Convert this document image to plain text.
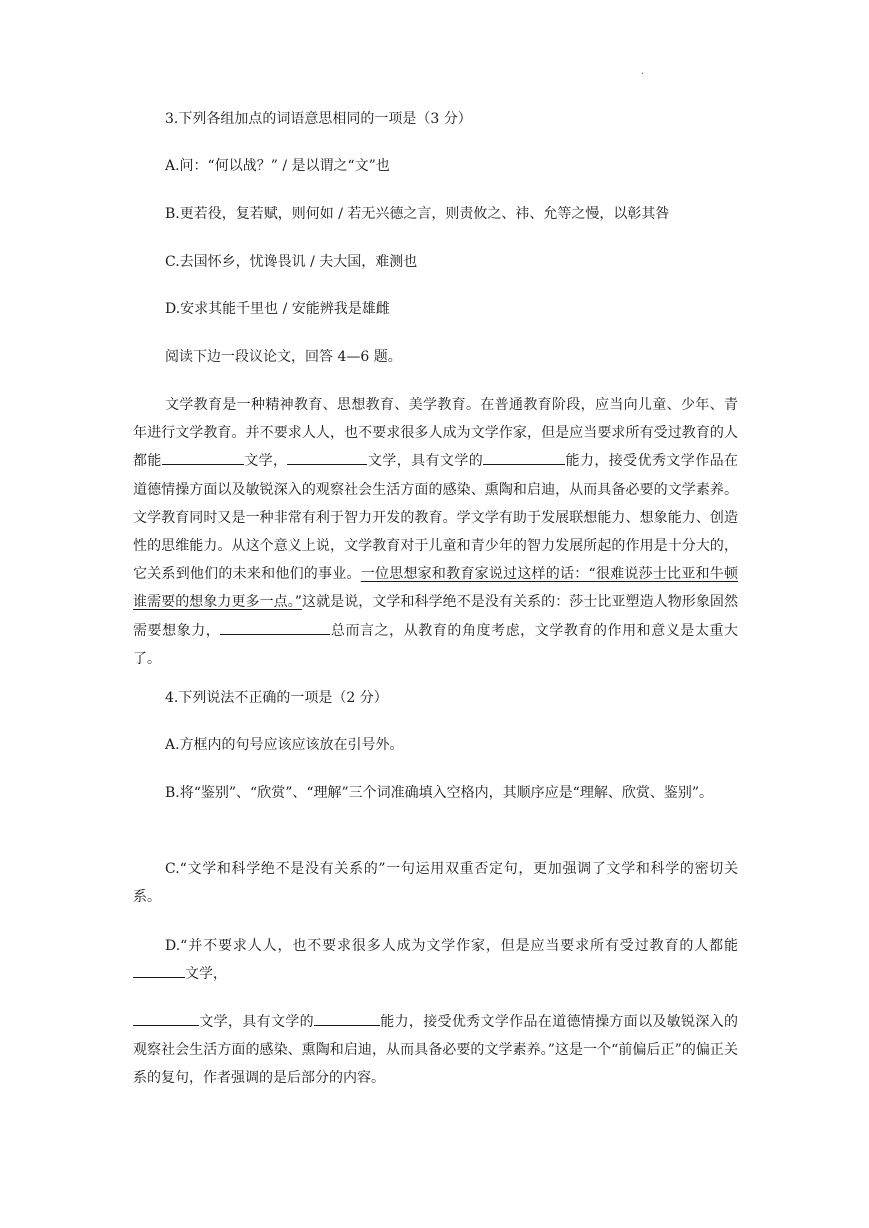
.
3.下列各组加点的词语意思相同的一项是（3 分）
A.问：“何以战？” / 是以谓之“文”也
B.更若役，复若赋，则何如 / 若无兴德之言，则责攸之、祎、允等之慢，以彰其咎
C.去国怀乡，忧谗畏讥 / 夫大国，难测也
D.安求其能千里也 / 安能辨我是雄雌
阅读下边一段议论文，回答 4—6 题。
文学教育是一种精神教育、思想教育、美学教育。在普通教育阶段，应当向儿童、少年、青年进行文学教育。并不要求人人，也不要求很多人成为文学作家，但是应当要求所有受过教育的人都能	文学，	文学，具有文学的	能力，接受优秀文学作品在道德情操方面以及敏锐深入的观察社会生活方面的感染、熏陶和启迪，从而具备必要的文学素养。文学教育同时又是一种非常有利于智力开发的教育。学文学有助于发展联想能力、想象能力、创造性的思维能力。从这个意义上说，文学教育对于儿童和青少年的智力发展所起的作用是十分大的，它关系到他们的未来和他们的事业。一位思想家和教育家说过这样的话：“很难说莎士比亚和牛顿谁需要的想象力更多一点。”这就是说，文学和科学绝不是没有关系的：莎士比亚塑造人物形象固然需要想象力，	总而言之，从教育的角度考虑，文学教育的作用和意义是太重大了。
4.下列说法不正确的一项是（2 分）
A.方框内的句号应该应该放在引号外。
B.将“鉴别”、“欣赏”、“理解”三个词准确填入空格内，其顺序应是“理解、欣赏、鉴别”。
C.“文学和科学绝不是没有关系的”一句运用双重否定句，更加强调了文学和科学的密切关系。
D.“并不要求人人，也不要求很多人成为文学作家，但是应当要求所有受过教育的人都能文学，
文学，具有文学的	能力，接受优秀文学作品在道德情操方面以及敏锐深入的观察社会生活方面的感染、熏陶和启迪，从而具备必要的文学素养。”这是一个“前偏后正”的偏正关系的复句，作者强调的是后部分的内容。
